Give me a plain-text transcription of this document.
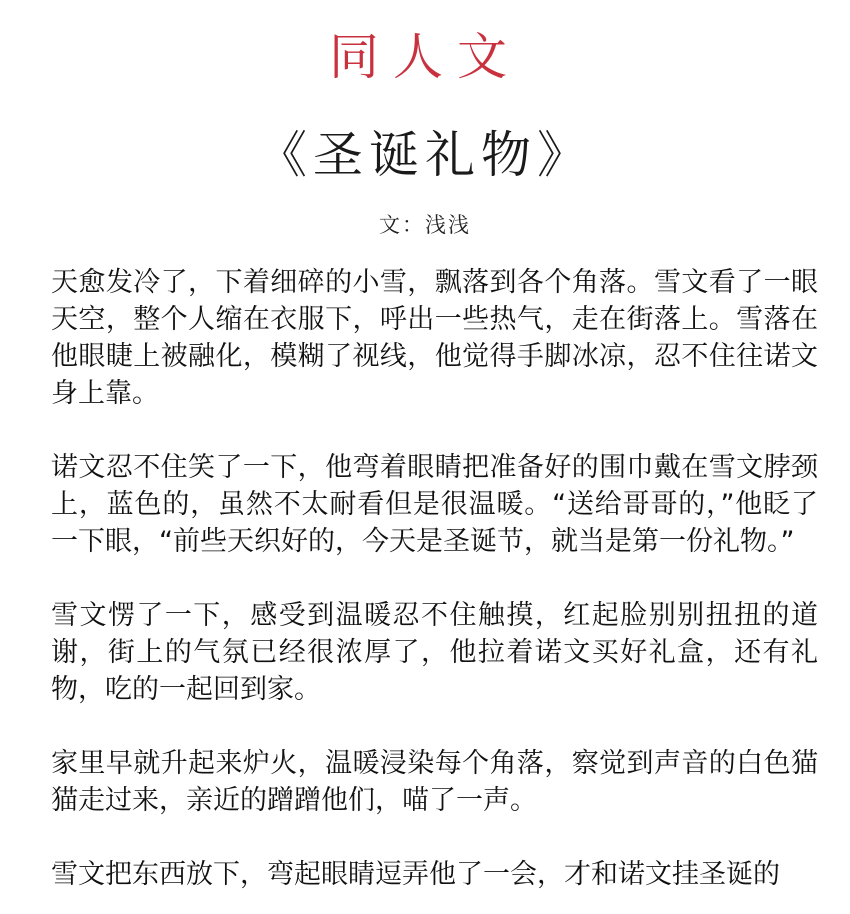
同人文
《圣诞礼物》
文：浅浅

天愈发冷了，下着细碎的小雪，飘落到各个角落。雪文看了一眼天空，整个人缩在衣服下，呼出一些热气，走在街落上。雪落在他眼睫上被融化，模糊了视线，他觉得手脚冰凉，忍不住往诺文身上靠。

诺文忍不住笑了一下，他弯着眼睛把准备好的围巾戴在雪文脖颈上，蓝色的，虽然不太耐看但是很温暖。“送给哥哥的，”他眨了一下眼，“前些天织好的，今天是圣诞节，就当是第一份礼物。”

雪文愣了一下，感受到温暖忍不住触摸，红起脸别别扭扭的道谢，街上的气氛已经很浓厚了，他拉着诺文买好礼盒，还有礼物，吃的一起回到家。

家里早就升起来炉火，温暖浸染每个角落，察觉到声音的白色猫猫走过来，亲近的蹭蹭他们，喵了一声。

雪文把东西放下，弯起眼睛逗弄他了一会，才和诺文挂圣诞的
